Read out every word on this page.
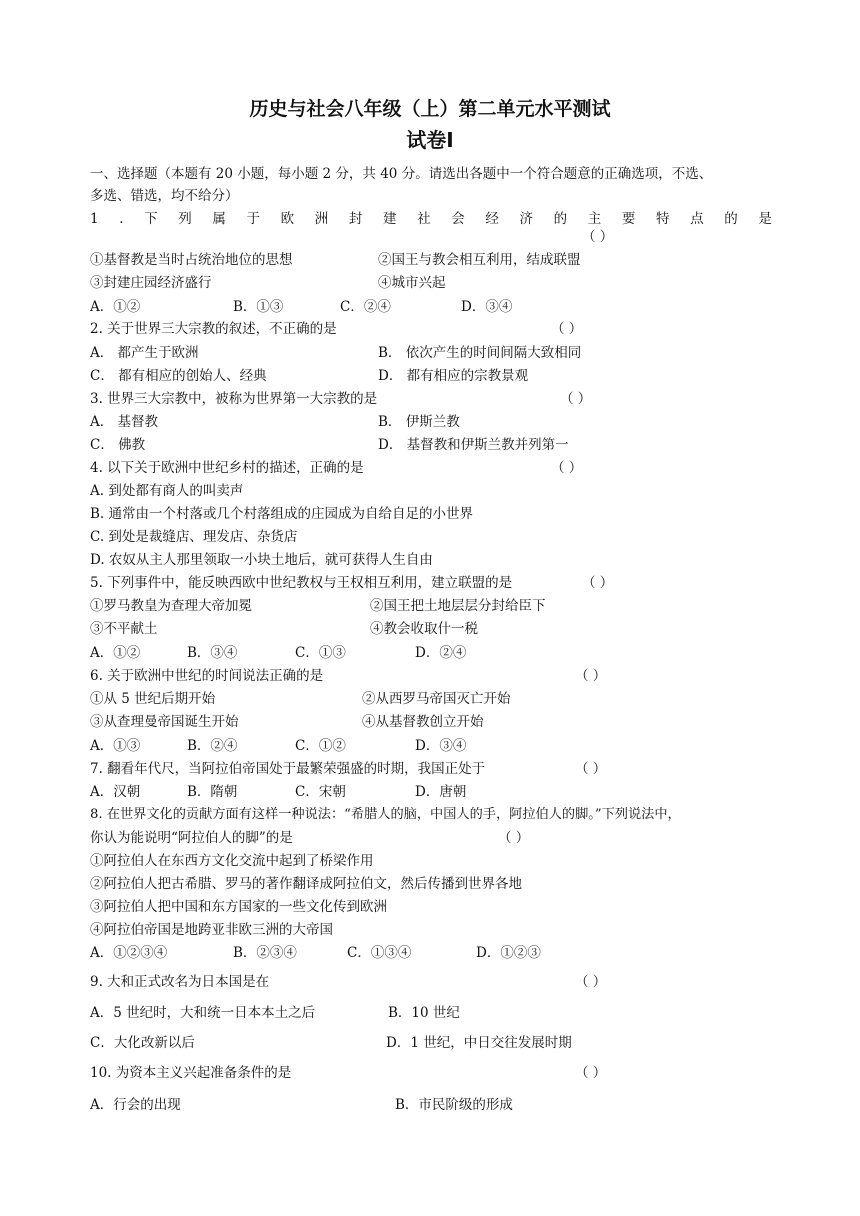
历史与社会八年级（上）第二单元水平测试
试卷Ⅰ
一、选择题（本题有 20 小题，每小题 2 分，共 40 分。请选出各题中一个符合题意的正确选项，不选、
多选、错选，均不给分）
1 . 下 列 属 于 欧 洲 封 建 社 会 经 济 的 主 要 特 点 的 是
（ ）
①基督教是当时占统治地位的思想	②国王与教会相互利用，结成联盟
③封建庄园经济盛行	④城市兴起
A．①②	B．①③	C．②④	D．③④
2. 关于世界三大宗教的叙述，不正确的是	（ ）
A． 都产生于欧洲	B． 依次产生的时间间隔大致相同
C． 都有相应的创始人、经典	D． 都有相应的宗教景观
3. 世界三大宗教中，被称为世界第一大宗教的是	（ ）
A． 基督教	B． 伊斯兰教
C． 佛教	D． 基督教和伊斯兰教并列第一
4. 以下关于欧洲中世纪乡村的描述，正确的是	（ ）
A. 到处都有商人的叫卖声
B. 通常由一个村落或几个村落组成的庄园成为自给自足的小世界
C. 到处是裁缝店、理发店、杂货店
D. 农奴从主人那里领取一小块土地后，就可获得人生自由
5. 下列事件中，能反映西欧中世纪教权与王权相互利用，建立联盟的是	（ ）
①罗马教皇为查理大帝加冕	②国王把土地层层分封给臣下
③不平献土	④教会收取什一税
A．①②	B．③④	C．①③	D．②④
6. 关于欧洲中世纪的时间说法正确的是	（ ）
①从 5 世纪后期开始	②从西罗马帝国灭亡开始
③从查理曼帝国诞生开始	④从基督教创立开始
A．①③	B．②④	C．①②	D．③④
7. 翻看年代尺，当阿拉伯帝国处于最繁荣强盛的时期，我国正处于	（ ）
A．汉朝	B．隋朝	C．宋朝	D．唐朝
8. 在世界文化的贡献方面有这样一种说法：“希腊人的脑，中国人的手，阿拉伯人的脚。”下列说法中，
你认为能说明“阿拉伯人的脚”的是	（ ）
①阿拉伯人在东西方文化交流中起到了桥梁作用
②阿拉伯人把古希腊、罗马的著作翻译成阿拉伯文，然后传播到世界各地
③阿拉伯人把中国和东方国家的一些文化传到欧洲
④阿拉伯帝国是地跨亚非欧三洲的大帝国
A．①②③④	B．②③④	C．①③④	D．①②③
9. 大和正式改名为日本国是在	（ ）
A．5 世纪时，大和统一日本本土之后	B．10 世纪
C．大化改新以后	D．1 世纪，中日交往发展时期
10. 为资本主义兴起准备条件的是	（ ）
A．行会的出现	B．市民阶级的形成
